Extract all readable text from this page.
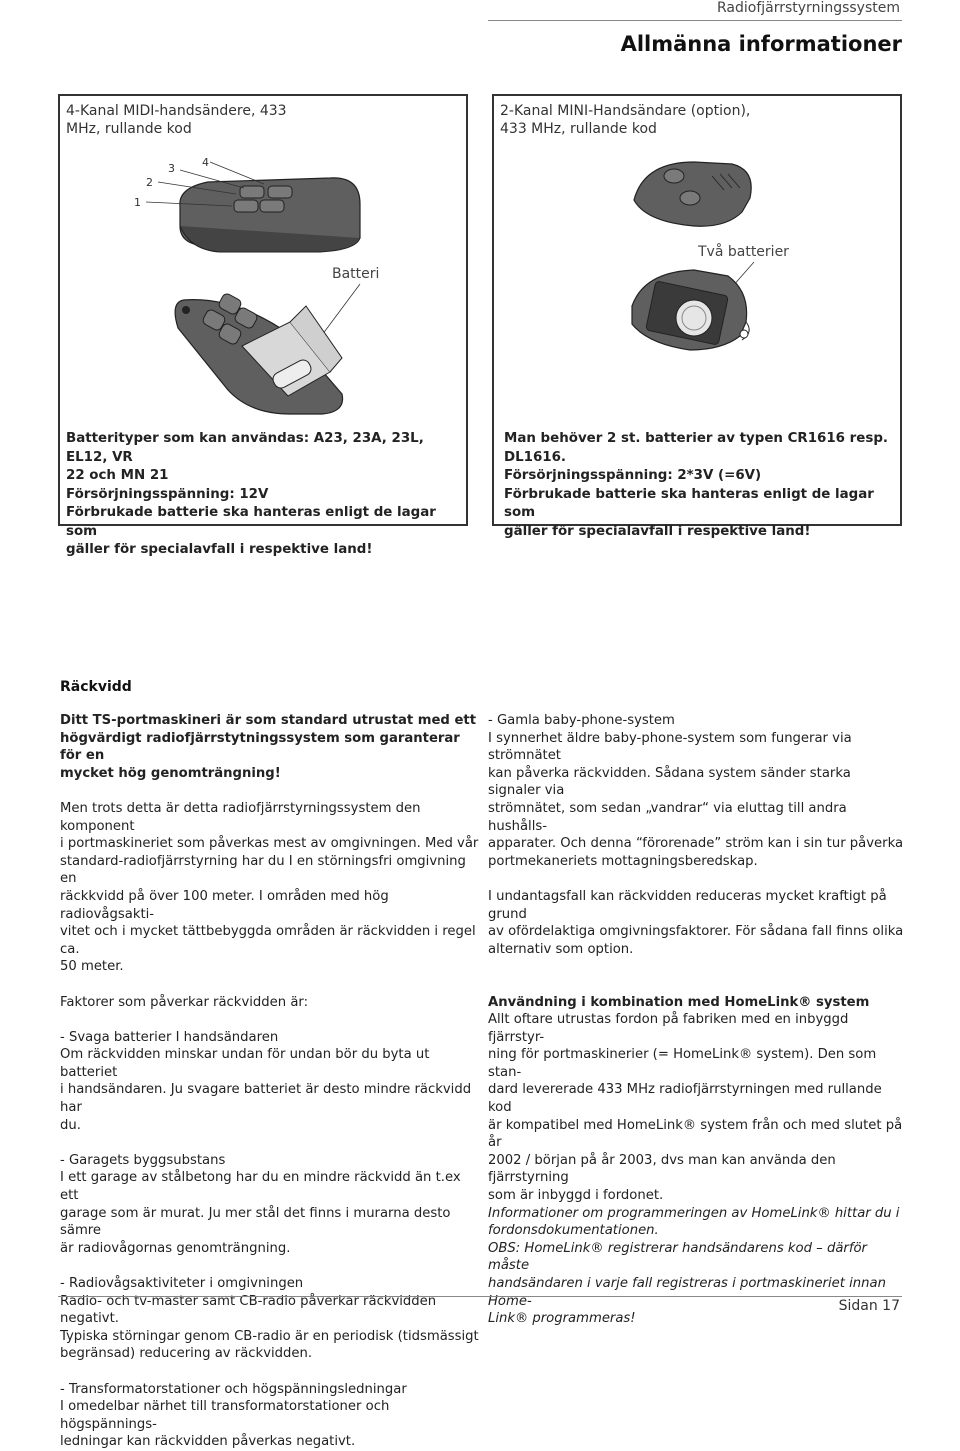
Radiofjärrstyrningssystem
Allmänna informationer
4-Kanal MIDI-handsändere, 433
MHz, rullande kod
1
2
3 4
Batteri
Batterityper som kan användas: A23, 23A, 23L, EL12, VR
22 och MN 21
Försörjningsspänning: 12V
Förbrukade batterie ska hanteras enligt de lagar som
gäller för specialavfall i respektive land!
2-Kanal MINI-Handsändare (option),
433 MHz, rullande kod
Två batterier
Man behöver 2 st. batterier av typen CR1616 resp.
DL1616.
Försörjningsspänning: 2*3V (=6V)
Förbrukade batterie ska hanteras enligt de lagar som
gäller för specialavfall i respektive land!
Räckvidd

Ditt TS-portmaskineri är som standard utrustat med ett

högvärdigt radiofjärrstytningssystem som garanterar för en

mycket hög genomträngning!

Men trots detta är detta radiofjärrstyrningssystem den komponent

i portmaskineriet som påverkas mest av omgivningen. Med vår

standard-radiofjärrstyrning har du I en störningsfri omgivning en

räckkvidd på över 100 meter. I områden med hög radiovågsakti-

vitet och i mycket tättbebyggda områden är räckvidden i regel ca.

50 meter.

Faktorer som påverkar räckvidden är:

- Svaga batterier I handsändaren

Om räckvidden minskar undan för undan bör du byta ut batteriet

i handsändaren. Ju svagare batteriet är desto mindre räckvidd har

du.

- Garagets byggsubstans

I ett garage av stålbetong har du en mindre räckvidd än t.ex ett

garage som är murat. Ju mer stål det finns i murarna desto sämre

är radiovågornas genomträngning.

- Radiovågsaktiviteter i omgivningen

Radio- och tv-master samt CB-radio påverkar räckvidden negativt.

Typiska störningar genom CB-radio är en periodisk (tidsmässigt

begränsad) reducering av räckvidden.

- Transformatorstationer och högspänningsledningar

I omedelbar närhet till transformatorstationer och högspännings-

ledningar kan räckvidden påverkas negativt.

- Gamla baby-phone-system

I synnerhet äldre baby-phone-system som fungerar via strömnätet

kan påverka räckvidden. Sådana system sänder starka signaler via

strömnätet, som sedan „vandrar“ via eluttag till andra hushålls-

apparater. Och denna “förorenade” ström kan i sin tur påverka

portmekaneriets mottagningsberedskap.

I undantagsfall kan räckvidden reduceras mycket kraftigt på grund

av ofördelaktiga omgivningsfaktorer. För sådana fall finns olika

alternativ som option.

Användning i kombination med HomeLink® system

Allt oftare utrustas fordon på fabriken med en inbyggd fjärrstyr-

ning för portmaskinerier (= HomeLink® system). Den som stan-

dard levererade 433 MHz radiofjärrstyrningen med rullande kod

är kompatibel med HomeLink® system från och med slutet på år

2002 / början på år 2003, dvs man kan använda den fjärrstyrning

som är inbyggd i fordonet.

Informationer om programmeringen av HomeLink® hittar du i

fordonsdokumentationen.

OBS: HomeLink® registrerar handsändarens kod – därför måste

handsändaren i varje fall registreras i portmaskineriet innan Home-

Link® programmeras!

Sidan 17
